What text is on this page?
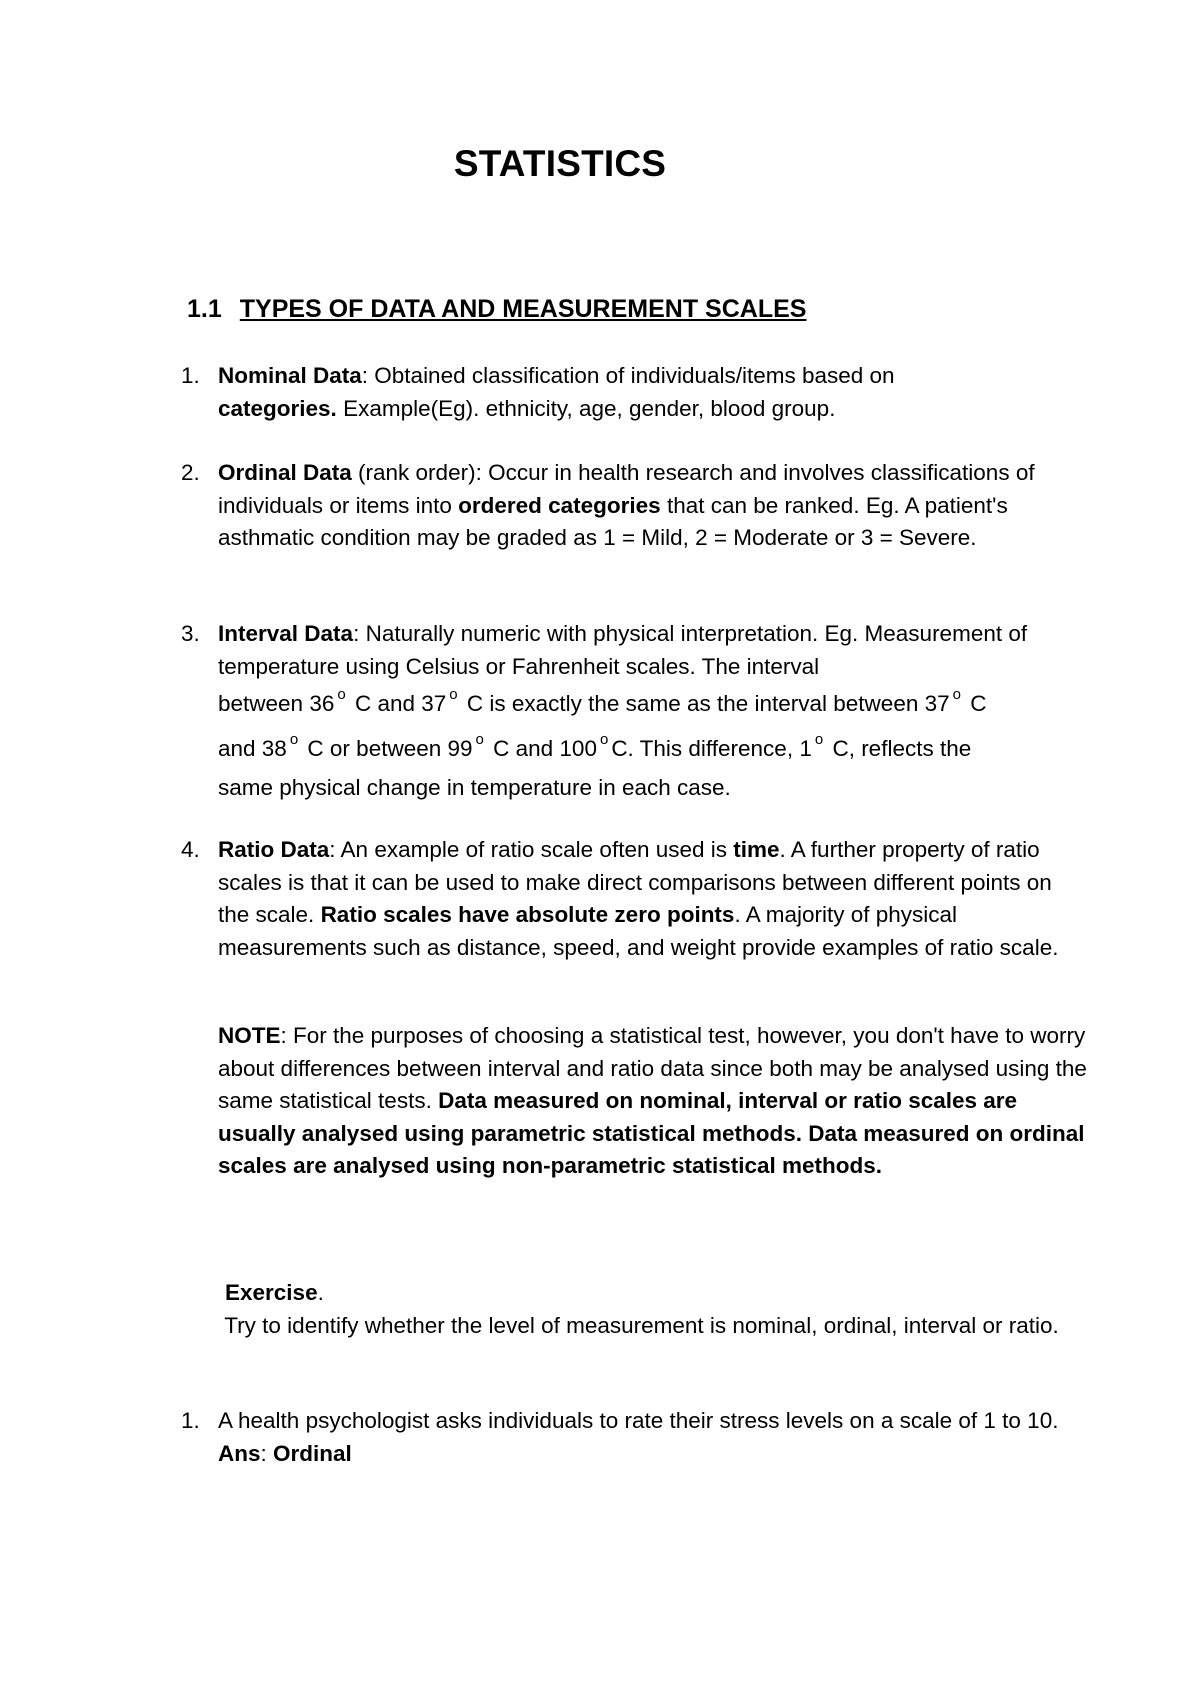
STATISTICS
1.1 TYPES OF DATA AND MEASUREMENT SCALES
1. Nominal Data: Obtained classification of individuals/items based on
categories. Example(Eg). ethnicity, age, gender, blood group.

2. Ordinal Data (rank order): Occur in health research and involves classifications of individuals or items into ordered categories that can be ranked. Eg. A patient's asthmatic condition may be graded as 1 = Mild, 2 = Moderate or 3 = Severe.

3. Interval Data: Naturally numeric with physical interpretation. Eg. Measurement of temperature using Celsius or Fahrenheit scales. The interval

between 36 $^o$ C and 37 $^o$ C is exactly the same as the interval between 37 $^o$ C
and 38 $^o$ C or between 99 $^o$ C and 100 $^o$ C. This difference, 1 $^o$ C, reflects the

same physical change in temperature in each case.

4. Ratio Data: An example of ratio scale often used is time. A further property of ratio scales is that it can be used to make direct comparisons between different points on the scale. Ratio scales have absolute zero points. A majority of physical measurements such as distance, speed, and weight provide examples of ratio scale.

NOTE: For the purposes of choosing a statistical test, however, you don't have to worry about differences between interval and ratio data since both may be analysed using the same statistical tests. Data measured on nominal, interval or ratio scales are usually analysed using parametric statistical methods. Data measured on ordinal scales are analysed using non-parametric statistical methods.

Exercise.

Try to identify whether the level of measurement is nominal, ordinal, interval or ratio.

1. A health psychologist asks individuals to rate their stress levels on a scale of 1 to 10.

Ans: Ordinal
